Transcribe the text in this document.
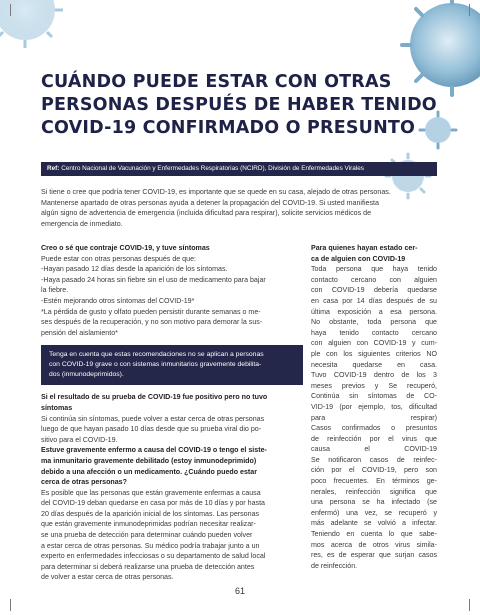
CUÁNDO PUEDE ESTAR CON OTRAS
PERSONAS DESPUÉS DE HABER TENIDO
COVID-19 CONFIRMADO O PRESUNTO
Ref: Centro Nacional de Vacunación y Enfermedades Respiratorias (NCIRD), División de Enfermedades Virales

Si tiene o cree que podría tener COVID-19, es importante que se quede en su casa, alejado de otras personas.

Mantenerse apartado de otras personas ayuda a detener la propagación del COVID-19. Si usted manifiesta

algún signo de advertencia de emergencia (incluida dificultad para respirar), solicite servicios médicos de

emergencia de inmediato.

Creo o sé que contraje COVID-19, y tuve síntomas

Puede estar con otras personas después de que:

-Hayan pasado 12 días desde la aparición de los síntomas.

-Haya pasado 24 horas sin fiebre sin el uso de medicamento para bajar

la fiebre.

-Estén mejorando otros síntomas del COVID-19*

*La pérdida de gusto y olfato pueden persistir durante semanas o me-

ses después de la recuperación, y no son motivo para demorar la sus-

pensión del aislamiento*

Tenga en cuenta que estas recomendaciones no se aplican a personas

con COVID-19 grave o con sistemas inmunitarios gravemente debilita-

dos (inmunodeprimidos).

Si el resultado de su prueba de COVID-19 fue positivo pero no tuvo

síntomas

Si continúa sin síntomas, puede volver a estar cerca de otras personas

luego de que hayan pasado 10 días desde que su prueba viral dio po-

sitivo para el COVID-19.

Estuve gravemente enfermo a causa del COVID-19 o tengo el siste-

ma inmunitario gravemente debilitado (estoy inmunodeprimido)

debido a una afección o un medicamento. ¿Cuándo puedo estar

cerca de otras personas?

Es posible que las personas que están gravemente enfermas a causa

del COVID-19 deban quedarse en casa por más de 10 días y por hasta

20 días después de la aparición inicial de los síntomas. Las personas

que están gravemente inmunodeprimidas podrían necesitar realizar-

se una prueba de detección para determinar cuándo pueden volver

a estar cerca de otras personas. Su médico podría trabajar junto a un

experto en enfermedades infecciosas o su departamento de salud local

para determinar si deberá realizarse una prueba de detección antes

de volver a estar cerca de otras personas.

Para quienes hayan estado cer-

ca de alguien con COVID-19

Toda persona que haya tenido

contacto cercano con alguien

con COVID-19 debería quedarse

en casa por 14 días después de su

última exposición a esa persona.

No obstante, toda persona que

haya tenido contacto cercano

con alguien con COVID-19 y cum-

ple con los siguientes criterios NO

necesita quedarse en casa.

Tuvo COVID-19 dentro de los 3

meses previos y Se recuperó,

Continúa sin síntomas de CO-

VID-19 (por ejemplo, tos, dificultad

para respirar)

Casos confirmados o presuntos

de reinfección por el virus que

causa el COVID-19

Se notificaron casos de reinfec-

ción por el COVID-19, pero son

poco frecuentes. En términos ge-

nerales, reinfección significa que

una persona se ha infectado (se

enfermó) una vez, se recuperó y

más adelante se volvió a infectar.

Teniendo en cuenta lo que sabe-

mos acerca de otros virus simila-

res, es de esperar que surjan casos

de reinfección.

61
